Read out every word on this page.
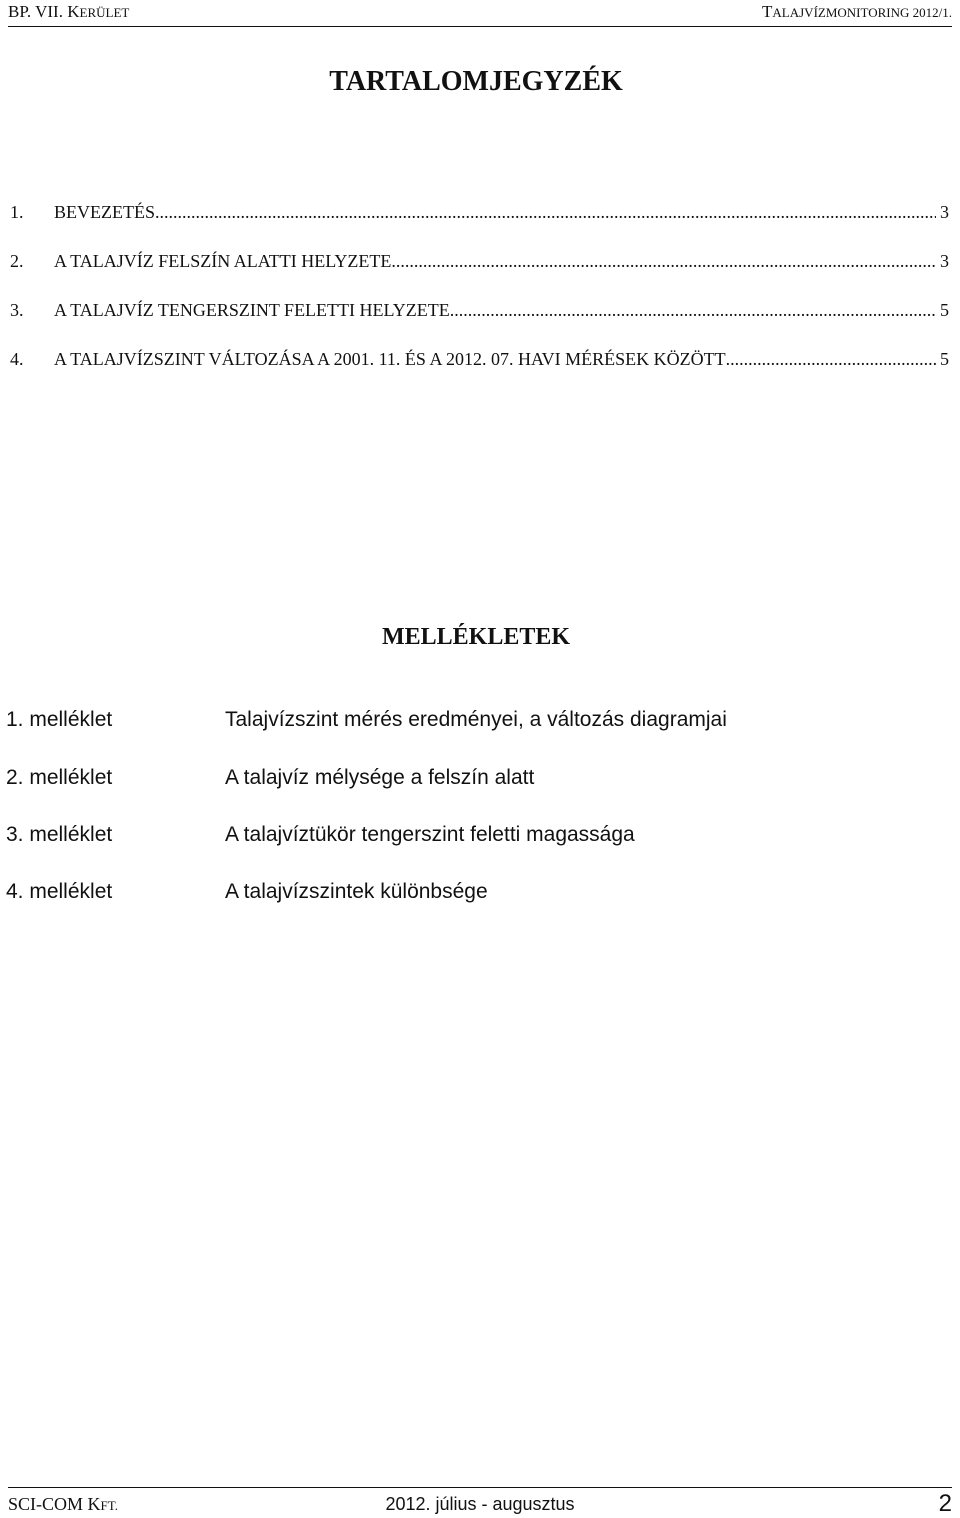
BP. VII. KERÜLET	TALAJVÍZMONITORING 2012/1.
TARTALOMJEGYZÉK
1.	BEVEZETÉS .....	3
2.	A TALAJVÍZ FELSZÍN ALATTI HELYZETE .....	3
3.	A TALAJVÍZ TENGERSZINT FELETTI HELYZETE .....	5
4.	A TALAJVÍZSZINT VÁLTOZÁSA A 2001. 11. ÉS A 2012. 07. HAVI MÉRÉSEK KÖZÖTT .....	5
MELLÉKLETEK
1. melléklet	Talajvízszint mérés eredményei, a változás diagramjai
2. melléklet	A talajvíz mélysége a felszín alatt
3. melléklet	A talajvíztükör tengerszint feletti magassága
4. melléklet	A talajvízszintek különbsége
SCI-COM KFT.	2012. július - augusztus	2
